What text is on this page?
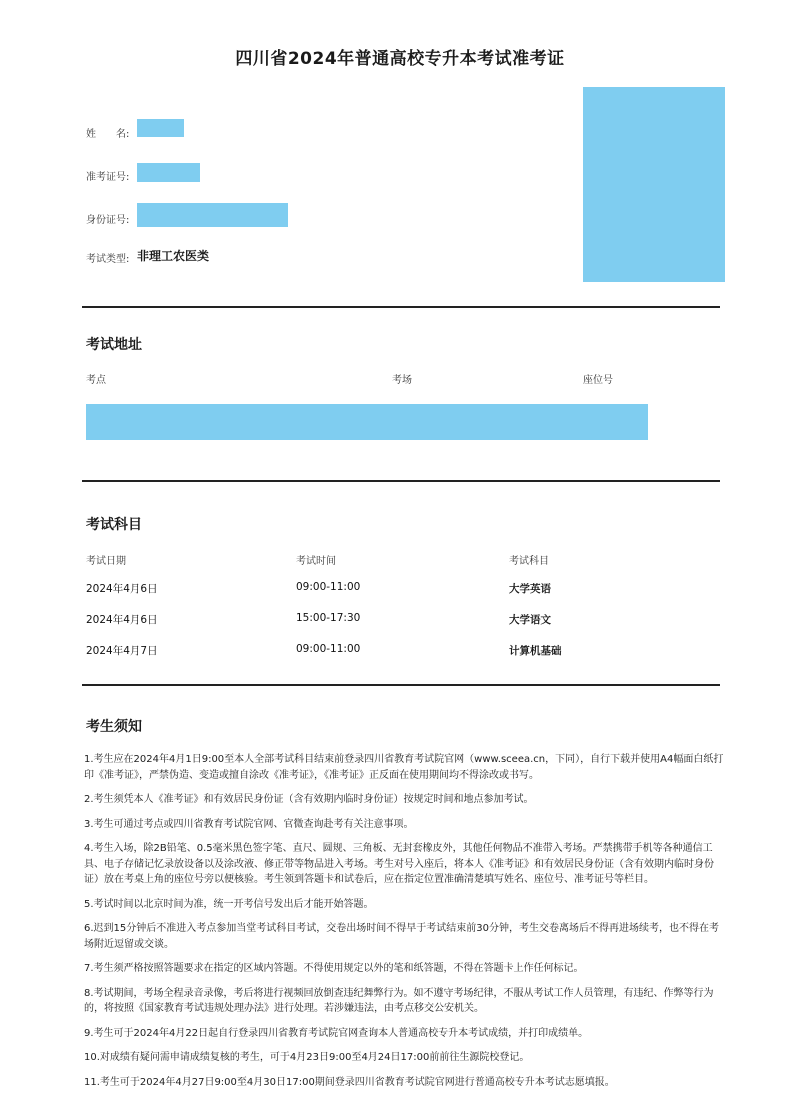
四川省2024年普通高校专升本考试准考证
姓　　名:
准考证号:
身份证号:
考试类型: 非理工农医类
考试地址
考点	考场	座位号
考试科目
考试日期	考试时间	考试科目
2024年4月6日	09:00-11:00	大学英语
2024年4月6日	15:00-17:30	大学语文
2024年4月7日	09:00-11:00	计算机基础
考生须知

1.考生应在2024年4月1日9:00至本人全部考试科目结束前登录四川省教育考试院官网（www.sceea.cn，下同），自行下载并使用A4幅面白纸打印《准考证》，严禁伪造、变造或擅自涂改《准考证》，《准考证》正反面在使用期间均不得涂改或书写。

2.考生须凭本人《准考证》和有效居民身份证（含有效期内临时身份证）按规定时间和地点参加考试。

3.考生可通过考点或四川省教育考试院官网、官微查询赴考有关注意事项。

4.考生入场，除2B铅笔、0.5毫米黑色签字笔、直尺、圆规、三角板、无封套橡皮外，其他任何物品不准带入考场。严禁携带手机等各种通信工具、电子存储记忆录放设备以及涂改液、修正带等物品进入考场。考生对号入座后，将本人《准考证》和有效居民身份证（含有效期内临时身份证）放在考桌上角的座位号旁以便核验。考生领到答题卡和试卷后，应在指定位置准确清楚填写姓名、座位号、准考证号等栏目。

5.考试时间以北京时间为准，统一开考信号发出后才能开始答题。

6.迟到15分钟后不准进入考点参加当堂考试科目考试，交卷出场时间不得早于考试结束前30分钟，考生交卷离场后不得再进场续考，也不得在考场附近逗留或交谈。

7.考生须严格按照答题要求在指定的区域内答题。不得使用规定以外的笔和纸答题，不得在答题卡上作任何标记。

8.考试期间，考场全程录音录像，考后将进行视频回放倒查违纪舞弊行为。如不遵守考场纪律，不服从考试工作人员管理，有违纪、作弊等行为的，将按照《国家教育考试违规处理办法》进行处理。若涉嫌违法，由考点移交公安机关。

9.考生可于2024年4月22日起自行登录四川省教育考试院官网查询本人普通高校专升本考试成绩，并打印成绩单。

10.对成绩有疑问需申请成绩复核的考生，可于4月23日9:00至4月24日17:00前前往生源院校登记。

11.考生可于2024年4月27日9:00至4月30日17:00期间登录四川省教育考试院官网进行普通高校专升本考试志愿填报。
